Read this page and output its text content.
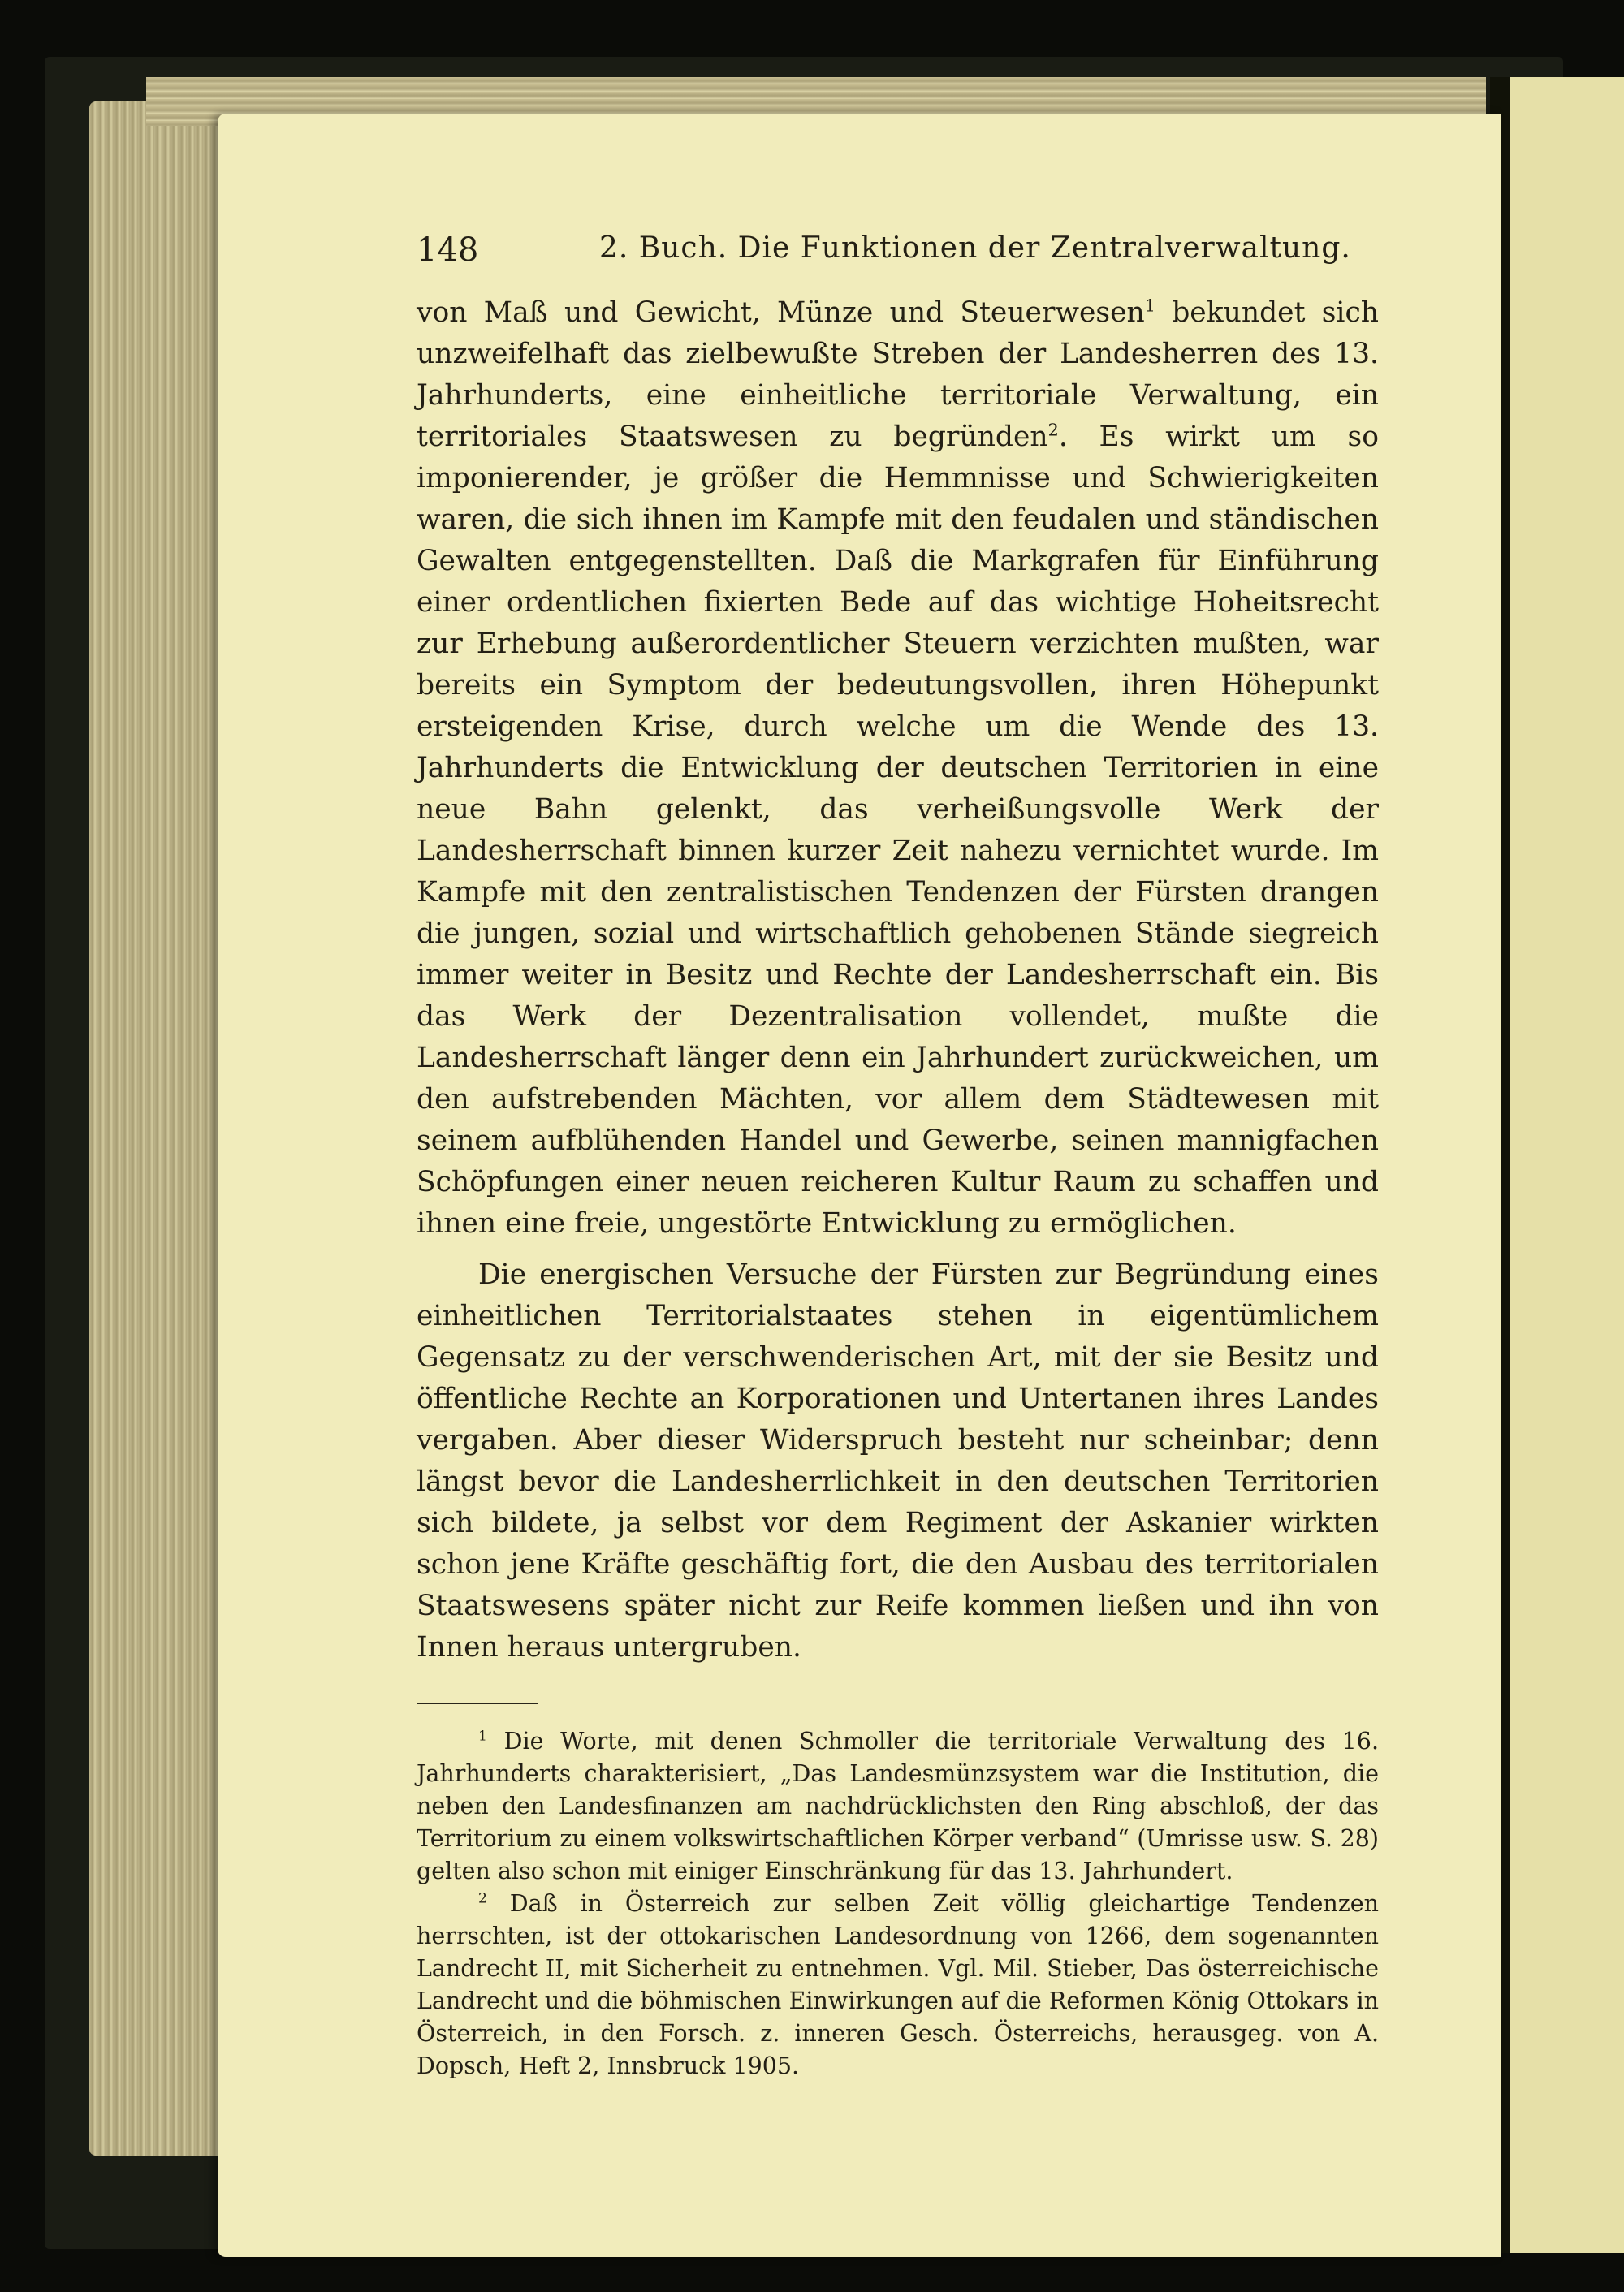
148	2. Buch. Die Funktionen der Zentralverwaltung.

von Maß und Gewicht, Münze und Steuerwesen$^1$ bekundet sich unzweifelhaft das zielbewußte Streben der Landesherren des 13. Jahrhunderts, eine einheitliche territoriale Verwaltung, ein territoriales Staatswesen zu begründen$^2$. Es wirkt um so imponierender, je größer die Hemmnisse und Schwierigkeiten waren, die sich ihnen im Kampfe mit den feudalen und ständischen Gewalten entgegenstellten. Daß die Markgrafen für Einführung einer ordentlichen fixierten Bede auf das wichtige Hoheitsrecht zur Erhebung außerordentlicher Steuern verzichten mußten, war bereits ein Symptom der bedeutungsvollen, ihren Höhepunkt ersteigenden Krise, durch welche um die Wende des 13. Jahrhunderts die Entwicklung der deutschen Territorien in eine neue Bahn gelenkt, das verheißungsvolle Werk der Landesherrschaft binnen kurzer Zeit nahezu vernichtet wurde. Im Kampfe mit den zentralistischen Tendenzen der Fürsten drangen die jungen, sozial und wirtschaftlich gehobenen Stände siegreich immer weiter in Besitz und Rechte der Landesherrschaft ein. Bis das Werk der Dezentralisation vollendet, mußte die Landesherrschaft länger denn ein Jahrhundert zurückweichen, um den aufstrebenden Mächten, vor allem dem Städtewesen mit seinem aufblühenden Handel und Gewerbe, seinen mannigfachen Schöpfungen einer neuen reicheren Kultur Raum zu schaffen und ihnen eine freie, ungestörte Entwicklung zu ermöglichen.

Die energischen Versuche der Fürsten zur Begründung eines einheitlichen Territorialstaates stehen in eigentümlichem Gegensatz zu der verschwenderischen Art, mit der sie Besitz und öffentliche Rechte an Korporationen und Untertanen ihres Landes vergaben. Aber dieser Widerspruch besteht nur scheinbar; denn längst bevor die Landesherrlichkeit in den deutschen Territorien sich bildete, ja selbst vor dem Regiment der Askanier wirkten schon jene Kräfte geschäftig fort, die den Ausbau des territorialen Staatswesens später nicht zur Reife kommen ließen und ihn von Innen heraus untergruben.

$^1$ Die Worte, mit denen Schmoller die territoriale Verwaltung des 16. Jahrhunderts charakterisiert, „Das Landesmünzsystem war die Institution, die neben den Landesfinanzen am nachdrücklichsten den Ring abschloß, der das Territorium zu einem volkswirtschaftlichen Körper verband“ (Umrisse usw. S. 28) gelten also schon mit einiger Einschränkung für das 13. Jahrhundert.

$^2$ Daß in Österreich zur selben Zeit völlig gleichartige Tendenzen herrschten, ist der ottokarischen Landesordnung von 1266, dem sogenannten Landrecht II, mit Sicherheit zu entnehmen. Vgl. Mil. Stieber, Das österreichische Landrecht und die böhmischen Einwirkungen auf die Reformen König Ottokars in Österreich, in den Forsch. z. inneren Gesch. Österreichs, herausgeg. von A. Dopsch, Heft 2, Innsbruck 1905.
